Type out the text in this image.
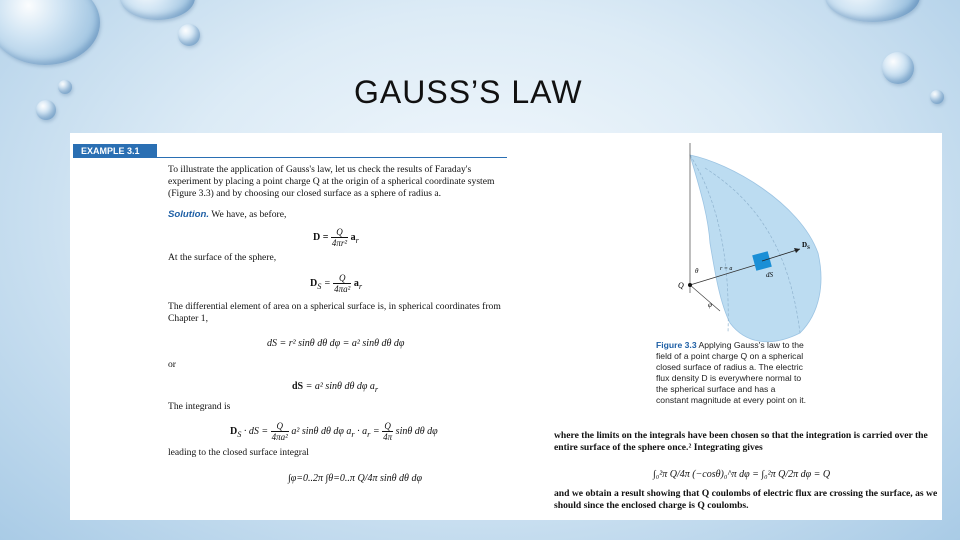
GAUSS’S LAW
EXAMPLE 3.1
To illustrate the application of Gauss's law, let us check the results of Faraday's experiment by placing a point charge Q at the origin of a spherical coordinate system (Figure 3.3) and by choosing our closed surface as a sphere of radius a.
Solution. We have, as before,
$D = \frac{Q}{\text{4πr²}} a_r$
At the surface of the sphere,
$D_S = \frac{Q}{\text{4πa²}} a_r$
The differential element of area on a spherical surface is, in spherical coordinates from Chapter 1,
dS = r² sinθ dθ dφ = a² sinθ dθ dφ
or
dS = a² sinθ dθ dφ $a_r$
The integrand is
$D_S$ · dS = $\frac{Q}{\text{4πa²}} a^2$ sinθ dθ dφ $a_r \cdot a_r = \frac{Q}{4\pi}$ sinθ dθ dφ
leading to the closed surface integral
∫φ=0..2π ∫θ=0..π Q/4π sinθ dθ dφ
$D_S$
dS
Q
θ
φ
r = a
Figure 3.3 Applying Gauss's law to the field of a point charge Q on a spherical closed surface of radius a. The electric flux density D is everywhere normal to the spherical surface and has a constant magnitude at every point on it.
where the limits on the integrals have been chosen so that the integration is carried over the entire surface of the sphere once.² Integrating gives
∫₀²π Q/4π (−cosθ)₀^π dφ = ∫₀²π Q/2π dφ = Q
and we obtain a result showing that Q coulombs of electric flux are crossing the surface, as we should since the enclosed charge is Q coulombs.
